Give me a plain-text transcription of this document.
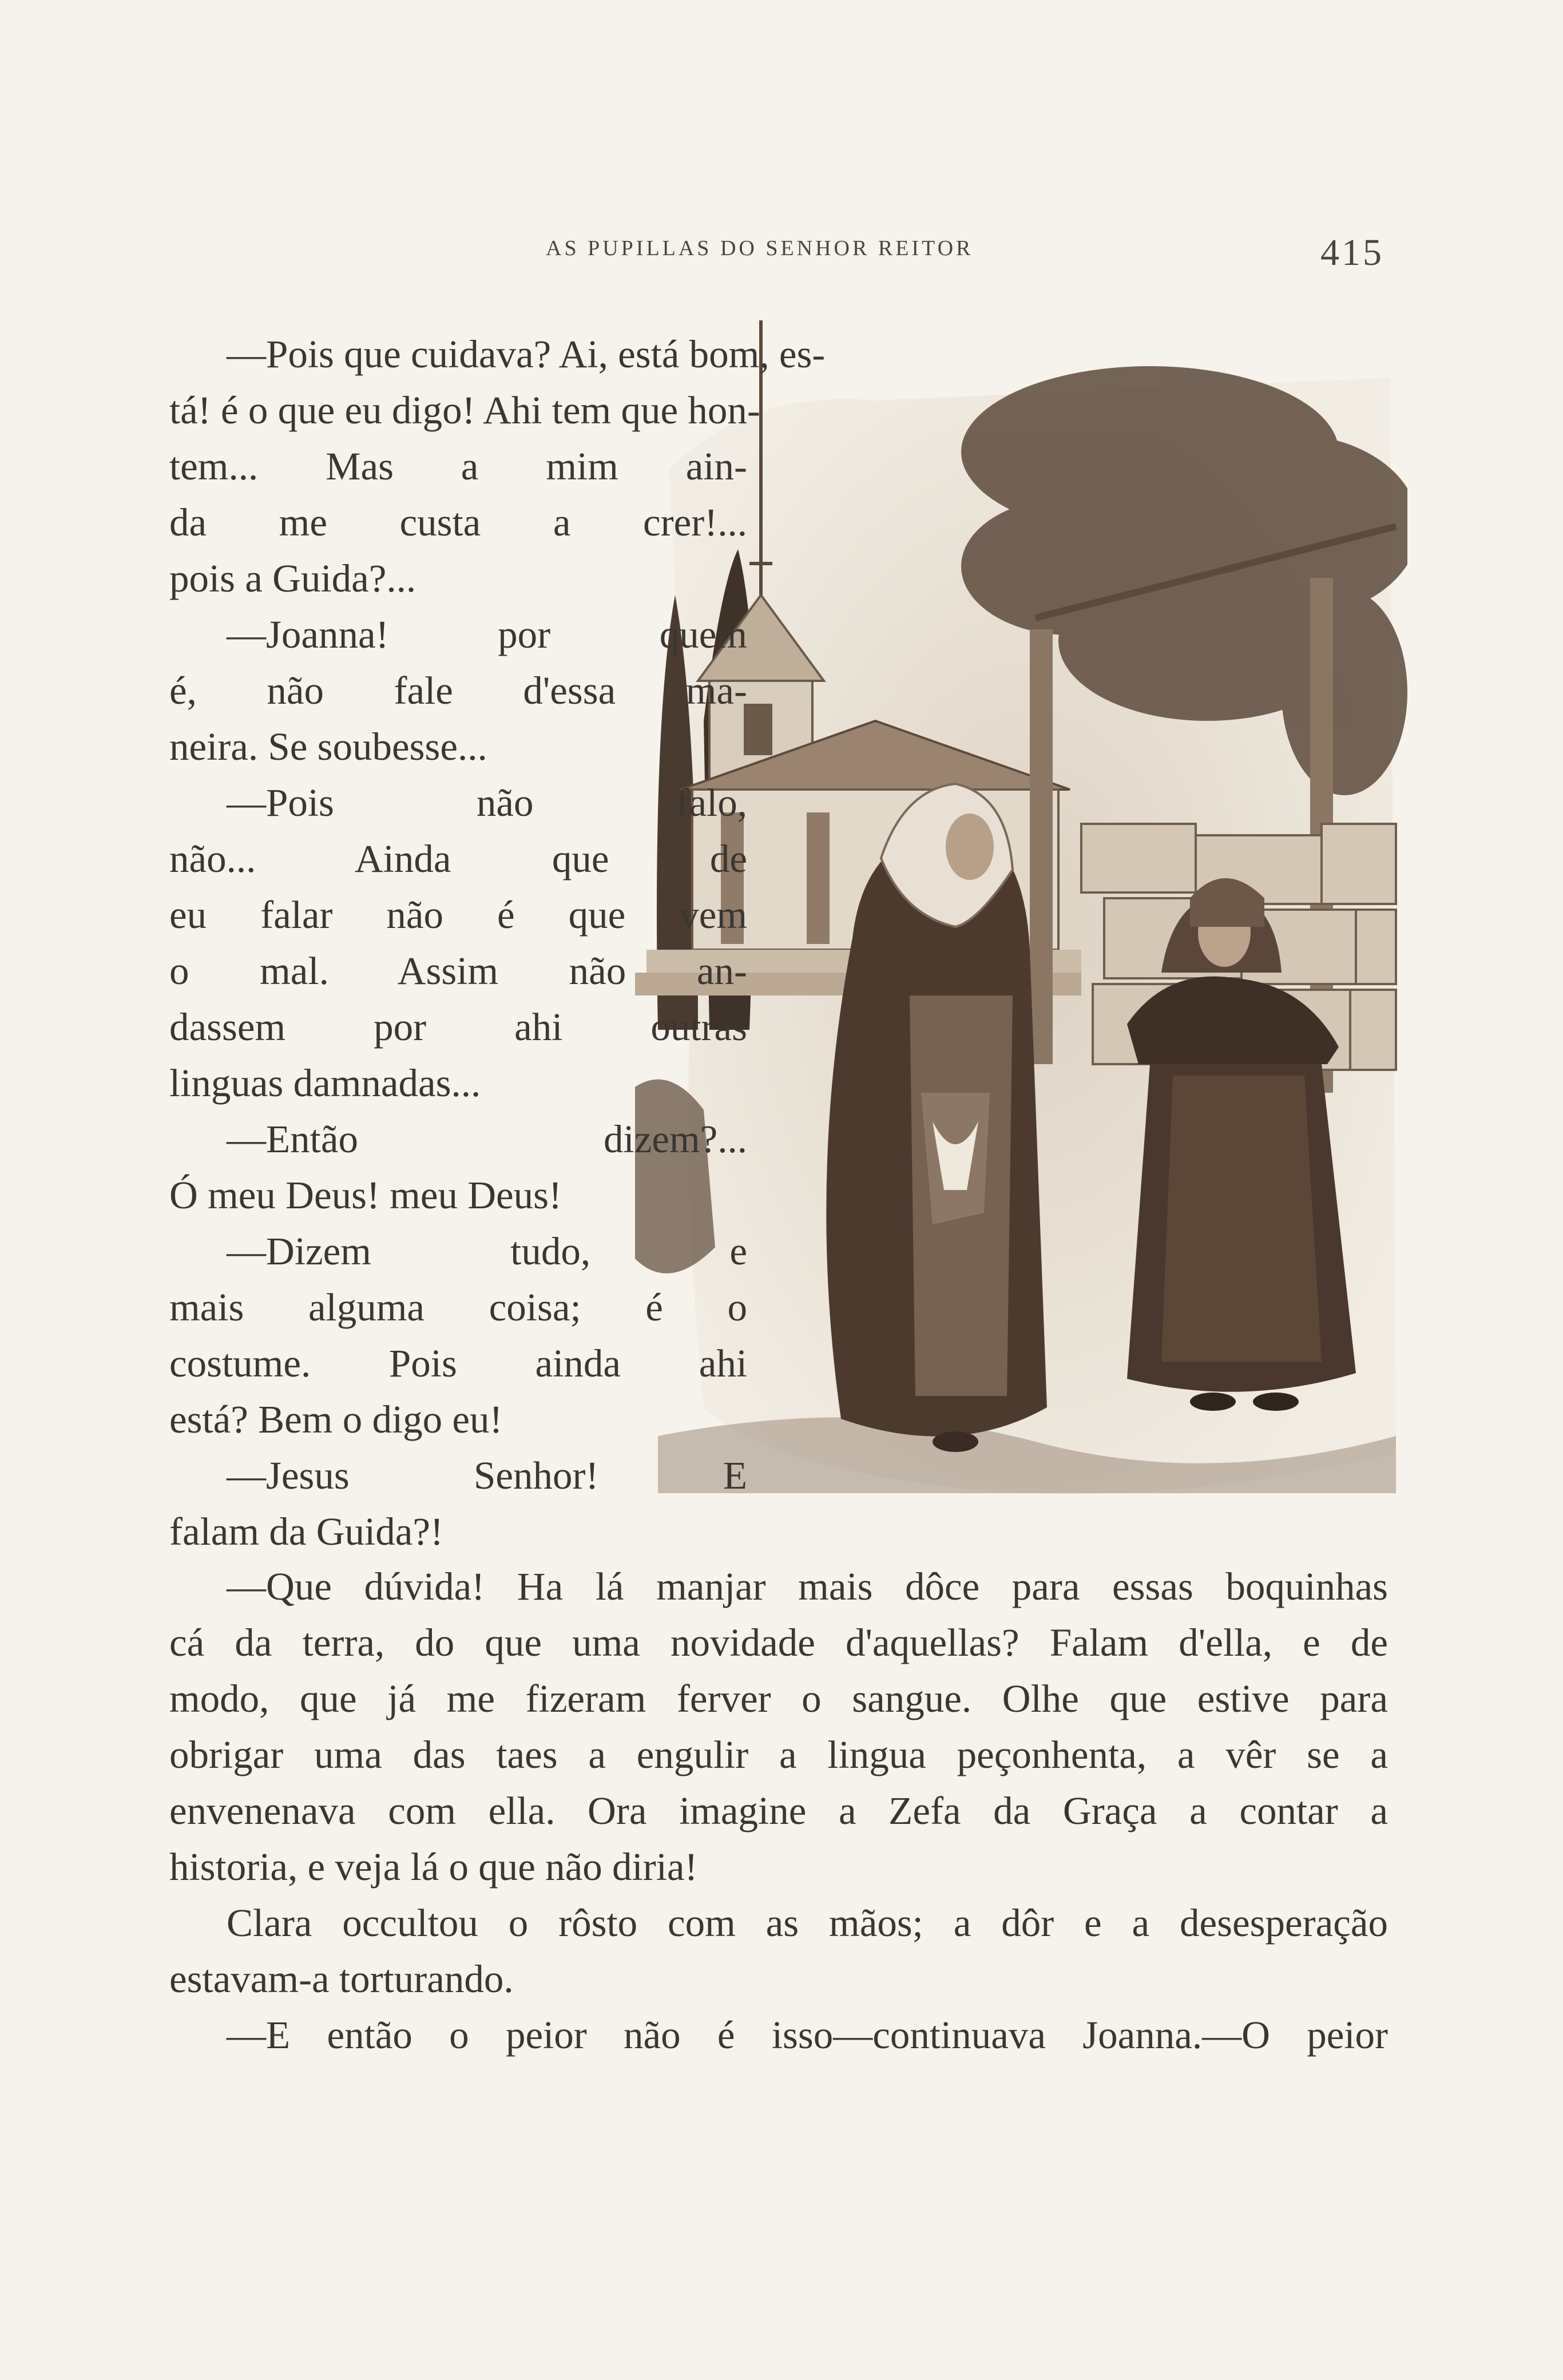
AS PUPILLAS DO SENHOR REITOR	415
—Pois que cuidava? Ai, está bom, es-
tá! é o que eu digo! Ahi tem que hon-
tem... Mas a mim ain-
da me custa a crer!...
pois a Guida?...
—Joanna! por quem
é, não fale d'essa ma-
neira. Se soubesse...
—Pois não falo,
não... Ainda que de
eu falar não é que vem
o mal. Assim não an-
dassem por ahi outras
linguas damnadas...
—Então dizem?...
Ó meu Deus! meu Deus!
—Dizem tudo, e
mais alguma coisa; é o
costume. Pois ainda ahi
está? Bem o digo eu!
—Jesus Senhor! E
falam da Guida?!
—Que dúvida! Ha lá manjar mais dôce para essas boquinhas
cá da terra, do que uma novidade d'aquellas? Falam d'ella, e de
modo, que já me fizeram ferver o sangue. Olhe que estive para
obrigar uma das taes a engulir a lingua peçonhenta, a vêr se a
envenenava com ella. Ora imagine a Zefa da Graça a contar a
historia, e veja lá o que não diria!
Clara occultou o rôsto com as mãos; a dôr e a desesperação
estavam-a torturando.
—E então o peior não é isso—continuava Joanna.—O peior
